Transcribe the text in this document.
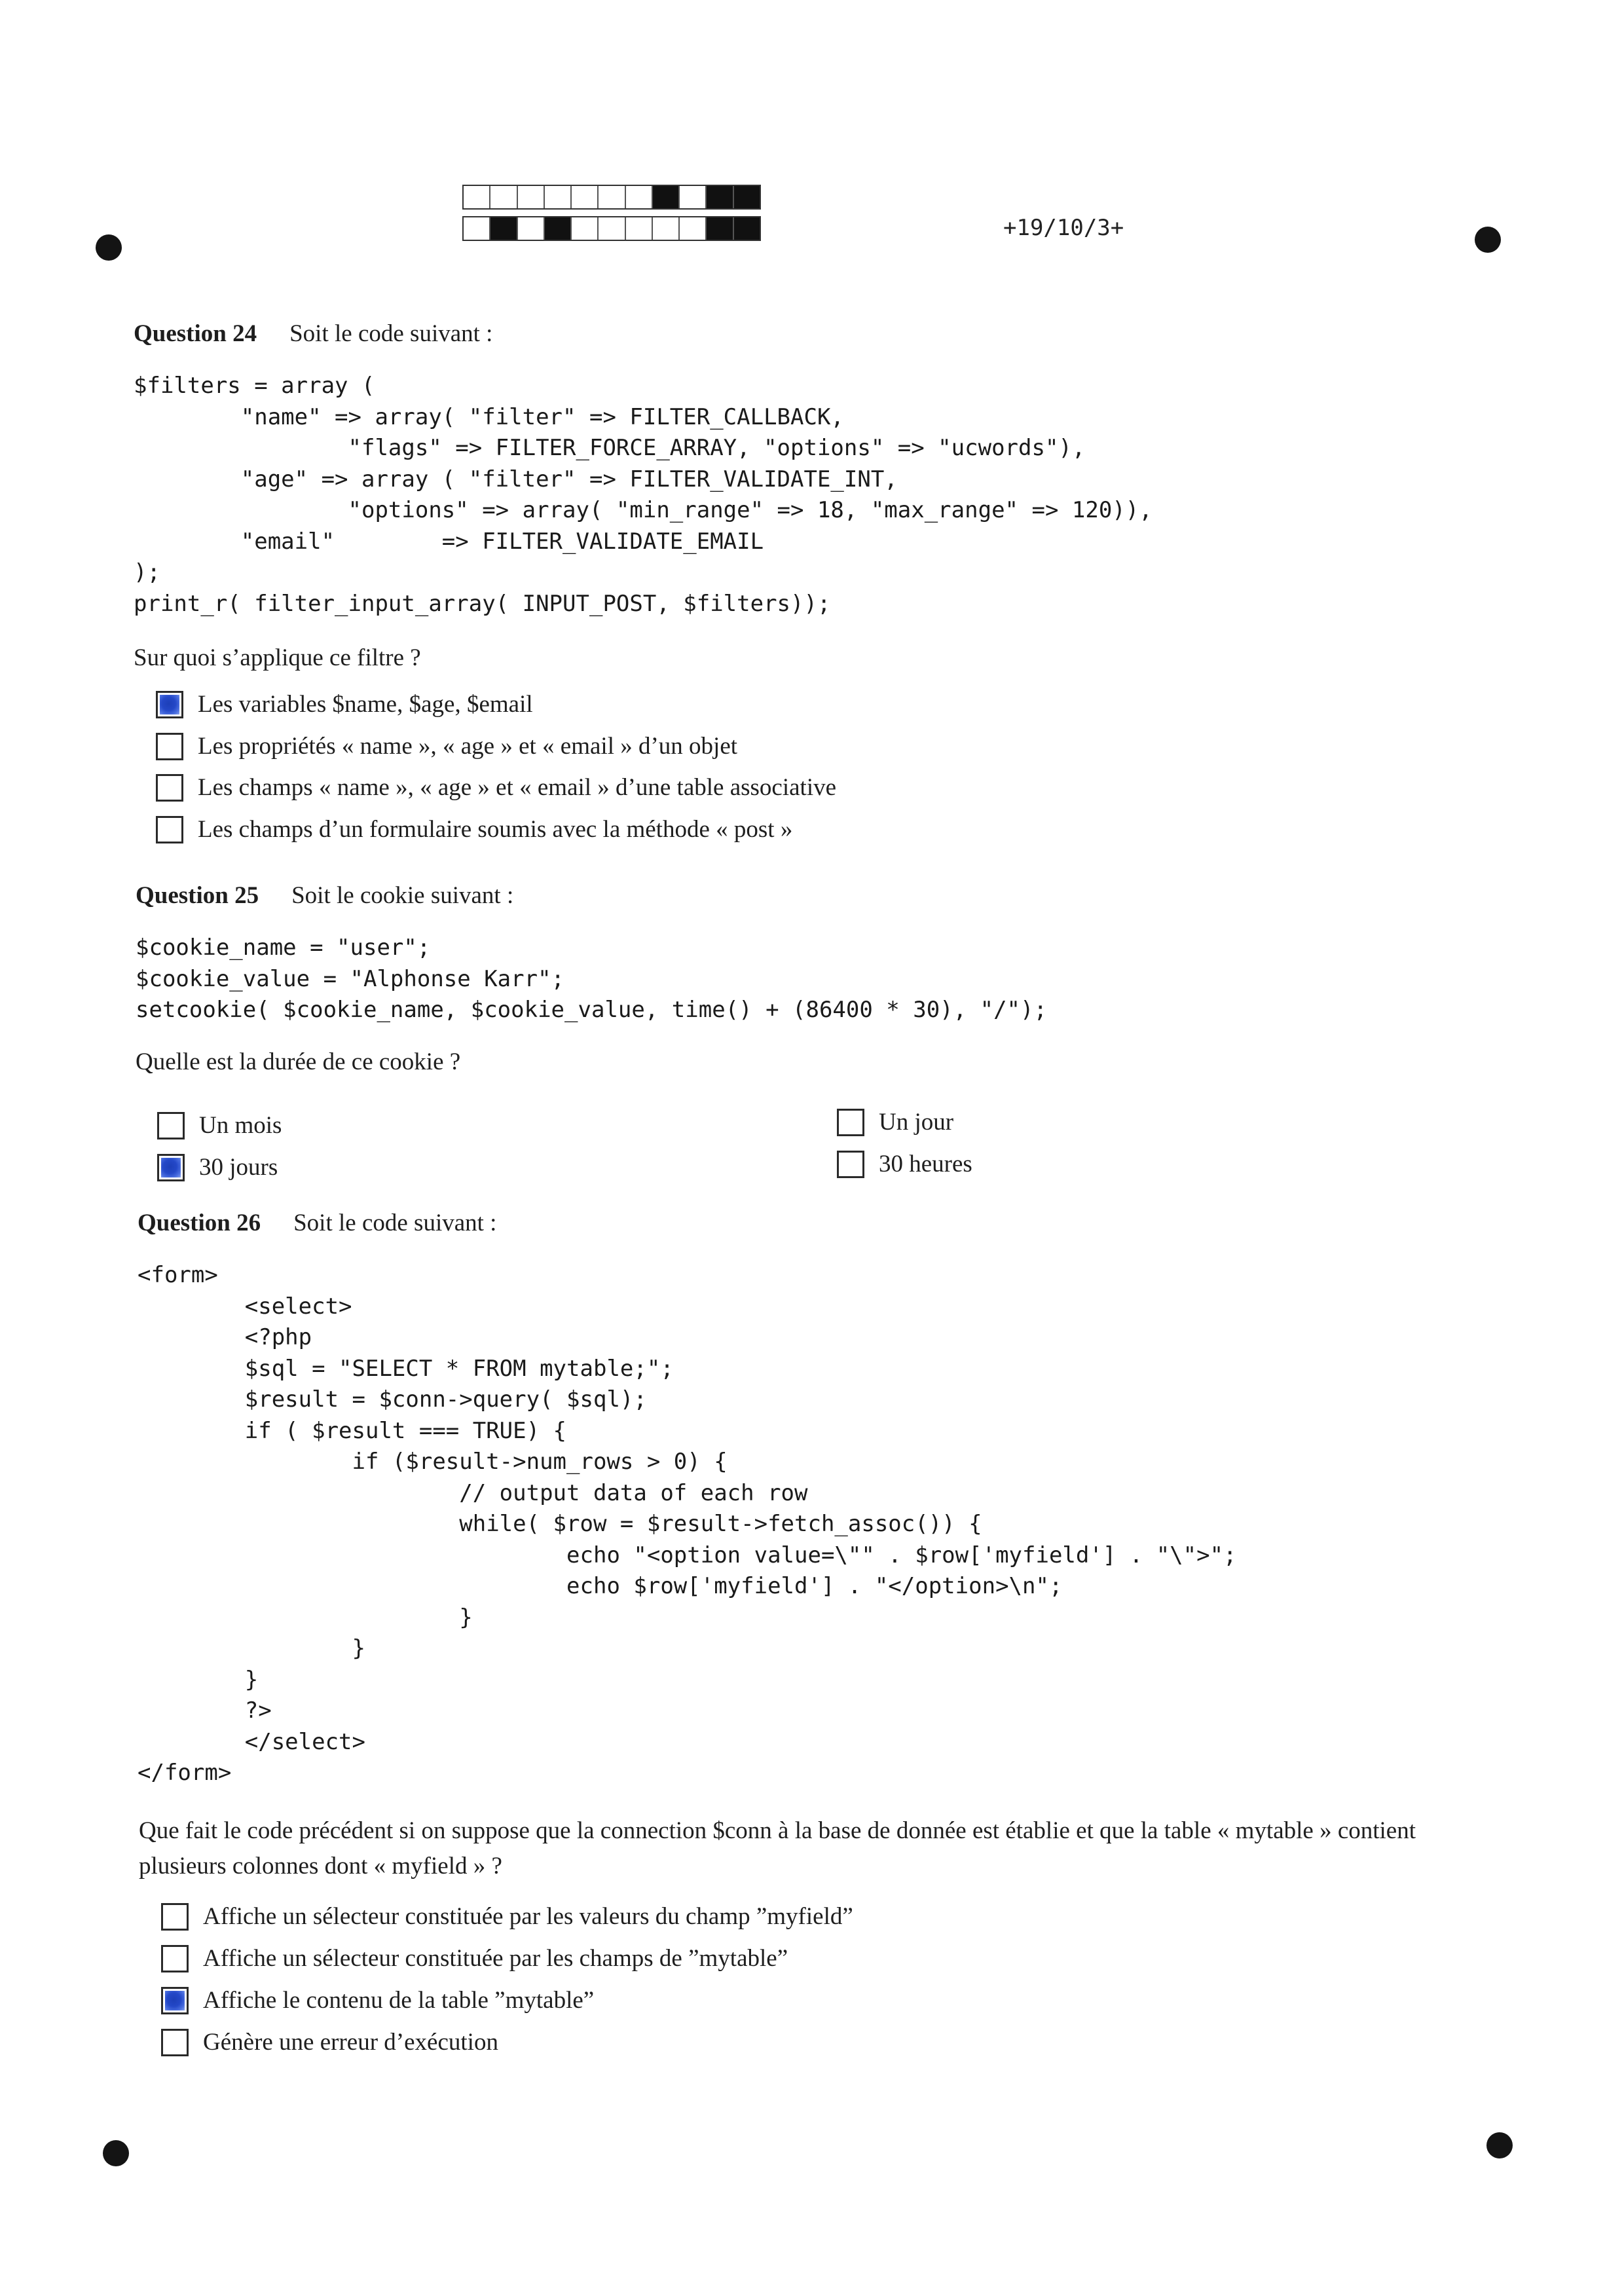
+19/10/3+
Question 24 Soit le code suivant :
$filters = array (
"name" => array( "filter" => FILTER_CALLBACK,
"flags" => FILTER_FORCE_ARRAY, "options" => "ucwords"),
"age" => array ( "filter" => FILTER_VALIDATE_INT,
"options" => array( "min_range" => 18, "max_range" => 120)),
"email"        => FILTER_VALIDATE_EMAIL
);
print_r( filter_input_array( INPUT_POST, $filters));
Sur quoi s’applique ce filtre ?
Les variables $name, $age, $email
Les propriétés « name », « age » et « email » d’un objet
Les champs « name », « age » et « email » d’une table associative
Les champs d’un formulaire soumis avec la méthode « post »
Question 25 Soit le cookie suivant :
$cookie_name = "user";
$cookie_value = "Alphonse Karr";
setcookie( $cookie_name, $cookie_value, time() + (86400 * 30), "/");
Quelle est la durée de ce cookie ?
Un mois
30 jours
Un jour
30 heures
Question 26 Soit le code suivant :
<form>
<select>
<?php
$sql = "SELECT * FROM mytable;";
$result = $conn->query( $sql);
if ( $result === TRUE) {
if ($result->num_rows > 0) {
// output data of each row
while( $row = $result->fetch_assoc()) {
echo "<option value=\"" . $row['myfield'] . "\">";
echo $row['myfield'] . "</option>\n";
}
}
}
?>
</select>
</form>
Que fait le code précédent si on suppose que la connection $conn à la base de donnée est établie et que la table « mytable » contient plusieurs colonnes dont « myfield » ?
Affiche un sélecteur constituée par les valeurs du champ ”myfield”
Affiche un sélecteur constituée par les champs de ”mytable”
Affiche le contenu de la table ”mytable”
Génère une erreur d’exécution
